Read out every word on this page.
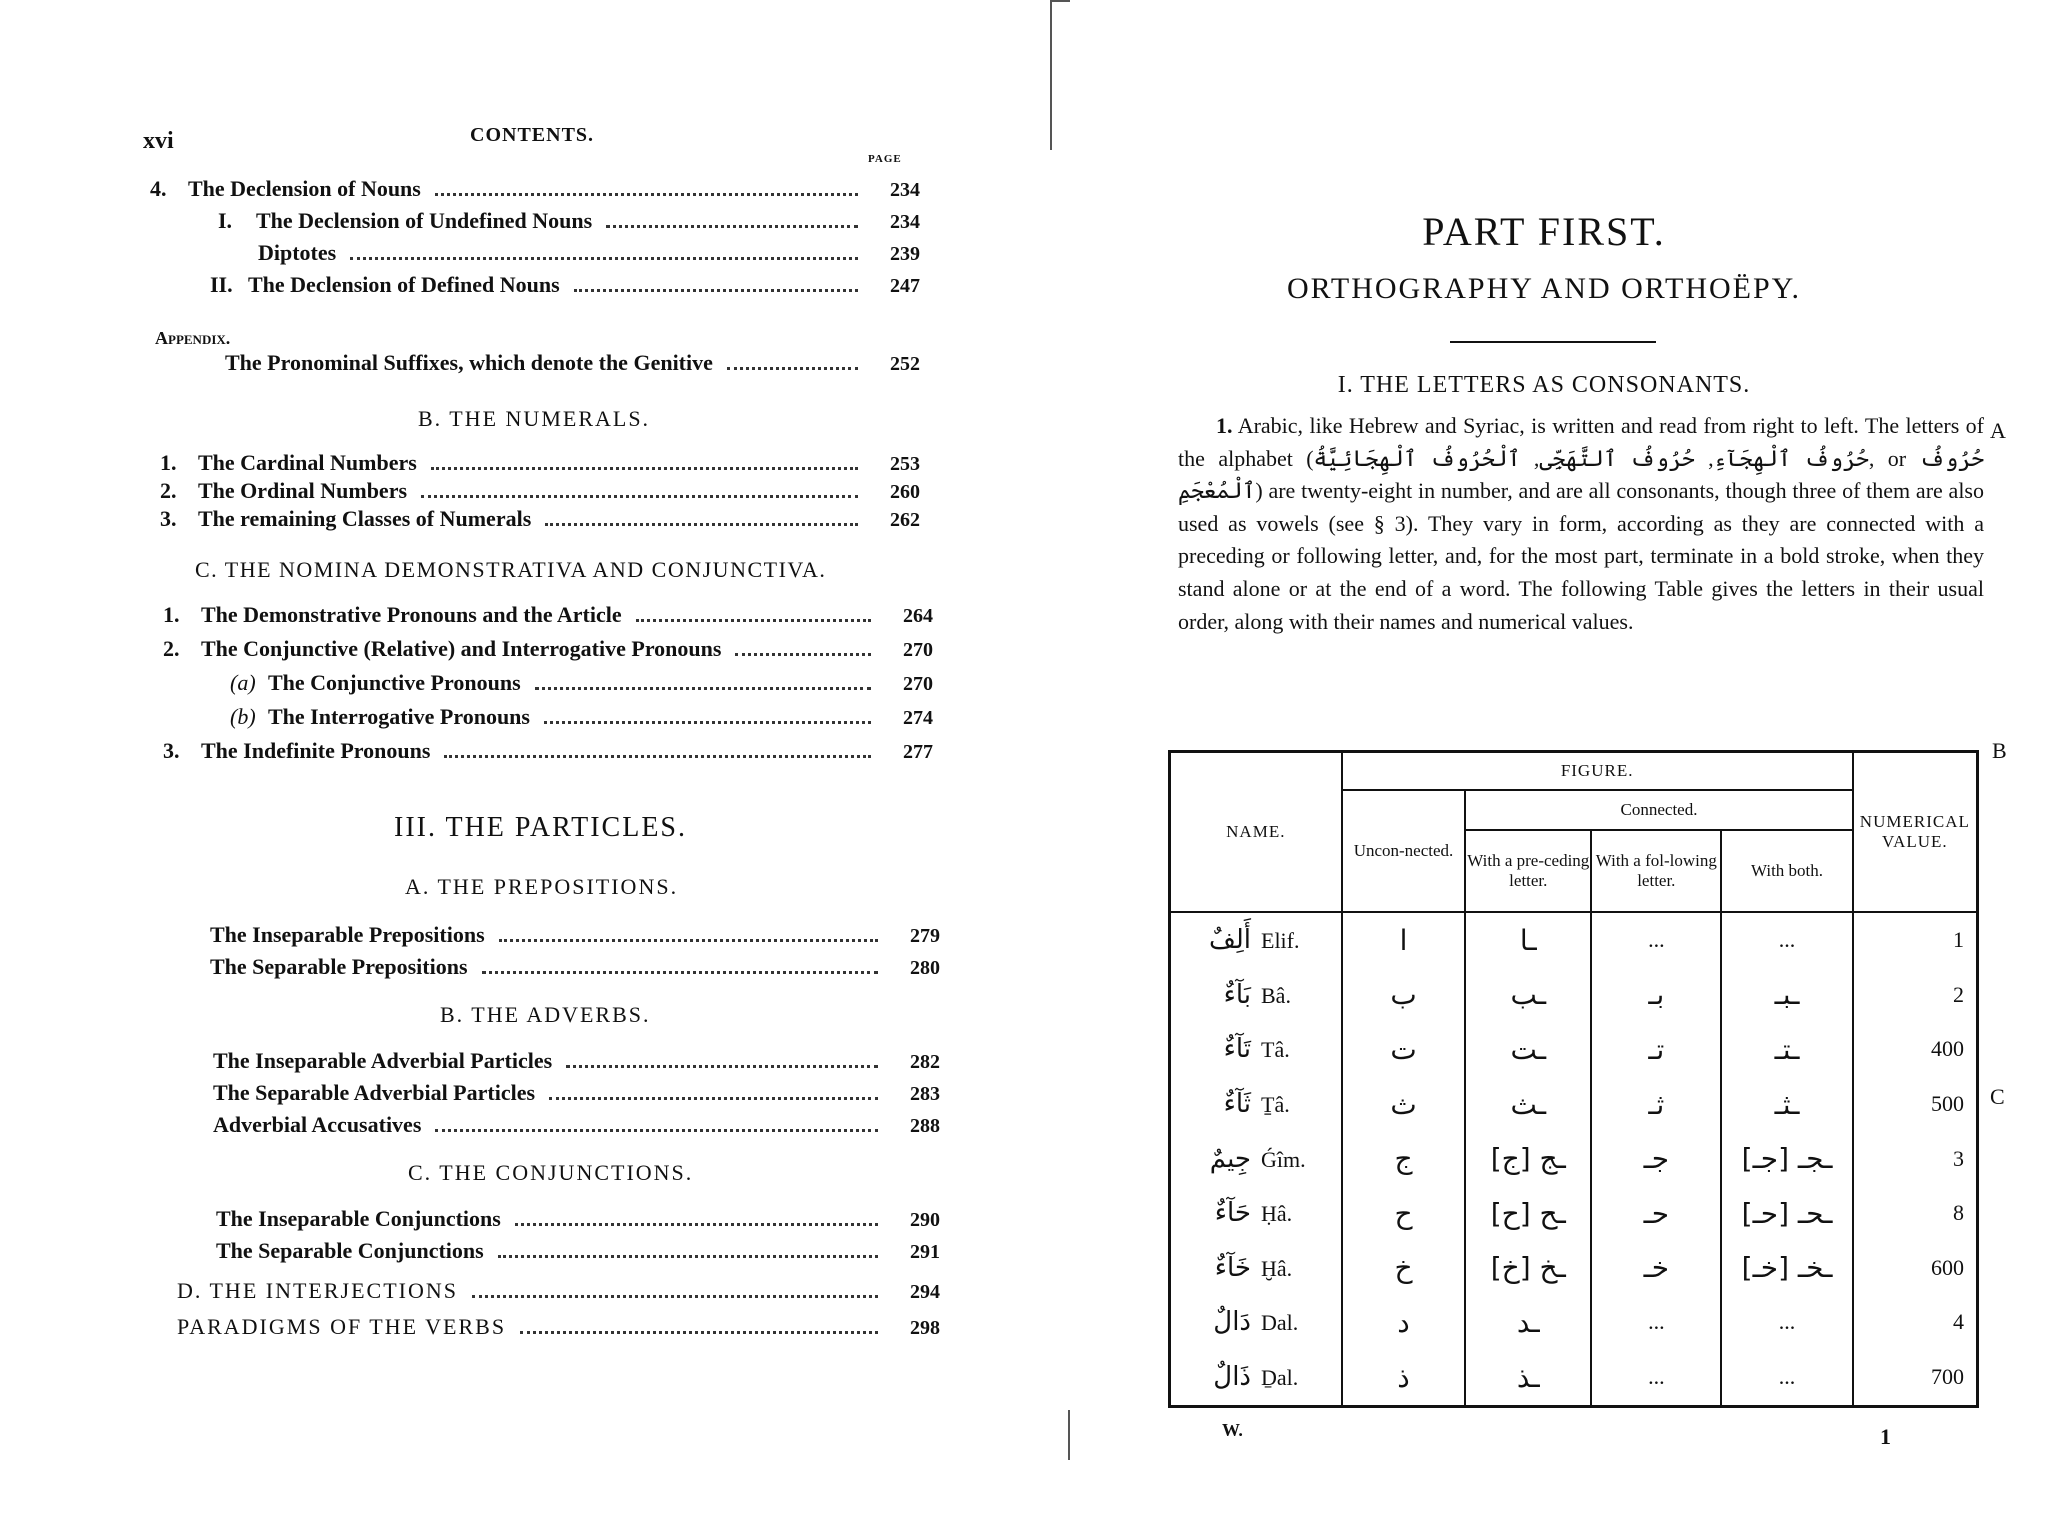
xvi	CONTENTS.
PAGE
4. The Declension of Nouns	234
I.	The Declension of Undefined Nouns	234
Diptotes	239
II. The Declension of Defined Nouns	247
Appendix.
The Pronominal Suffixes, which denote the Genitive	252
B. THE NUMERALS.
1. The Cardinal Numbers	253
2. The Ordinal Numbers	260
3. The remaining Classes of Numerals	262
C. THE NOMINA DEMONSTRATIVA AND CONJUNCTIVA.
1. The Demonstrative Pronouns and the Article	264
2. The Conjunctive (Relative) and Interrogative Pronouns	270
(a) The Conjunctive Pronouns	270
(b) The Interrogative Pronouns	274
3. The Indefinite Pronouns	277
III. THE PARTICLES.
A. THE PREPOSITIONS.
The Inseparable Prepositions	279
The Separable Prepositions	280
B. THE ADVERBS.
The Inseparable Adverbial Particles	282
The Separable Adverbial Particles	283
Adverbial Accusatives	288
C. THE CONJUNCTIONS.
The Inseparable Conjunctions	290
The Separable Conjunctions	291
D. THE INTERJECTIONS	294
PARADIGMS OF THE VERBS	298
PART FIRST.
ORTHOGRAPHY AND ORTHOËPY.
I. THE LETTERS AS CONSONANTS.
1. Arabic, like Hebrew and Syriac, is written and read from right to left. The letters of the alphabet (حُرُوفُ ٱلْهِجَآءِ, حُرُوفُ ٱلتَّهَجِّى, ٱلْحُرُوفُ ٱلْهِجَائِيَّةُ, or حُرُوفُ ٱلْمُعْجَمِ) are twenty-eight in number, and are all consonants, though three of them are also used as vowels (see § 3). They vary in form, according as they are connected with a preceding or following letter, and, for the most part, terminate in a bold stroke, when they stand alone or at the end of a word. The following Table gives the letters in their usual order, along with their names and numerical values.
A
B
C
NAME.	FIGURE.				NUMERICAL VALUE.
	Uncon-nected.	Connected.			
		With a pre-ceding letter.	With a fol-lowing letter.	With both.	
أَلِفٌ Elif.	ا	ـا	...	...	1
بَآءٌ Bâ.	ب	ـب	بـ	ـبـ	2
تَآءٌ Tâ.	ت	ـت	تـ	ـتـ	400
ثَآءٌ Ṯâ.	ث	ـث	ثـ	ـثـ	500
جِيمٌ Ǵîm.	ج	ـج [ج]	جـ	ـجـ [جـ]	3
حَآءٌ Ḥâ.	ح	ـح [ح]	حـ	ـحـ [حـ]	8
خَآءٌ Ḫâ.	خ	ـخ [خ]	خـ	ـخـ [خـ]	600
دَالٌ Dal.	د	ـد	...	...	4
ذَالٌ Ḏal.	ذ	ـذ	...	...	700
W.	1
